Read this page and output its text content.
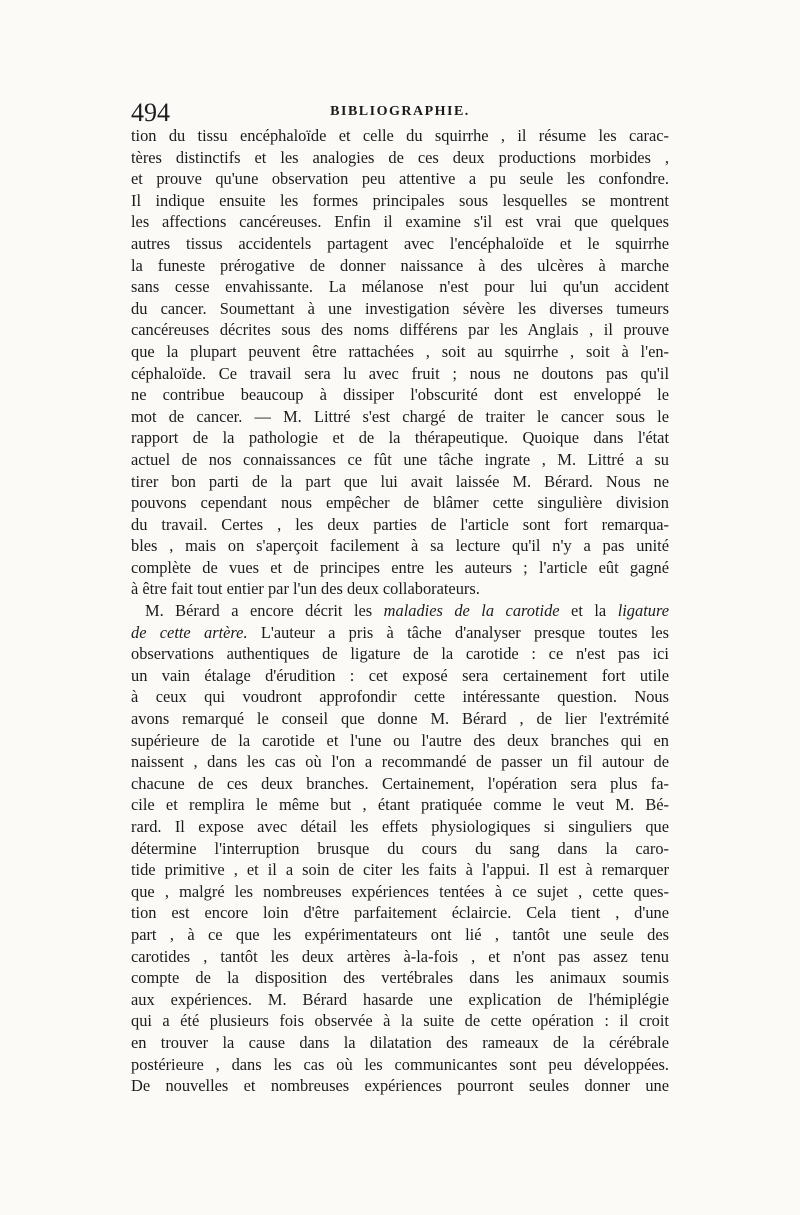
494	BIBLIOGRAPHIE.
tion du tissu encéphaloïde et celle du squirrhe , il résume les carac-
tères distinctifs et les analogies de ces deux productions morbides ,
et prouve qu'une observation peu attentive a pu seule les confondre.
Il indique ensuite les formes principales sous lesquelles se montrent
les affections cancéreuses. Enfin il examine s'il est vrai que quelques
autres tissus accidentels partagent avec l'encéphaloïde et le squirrhe
la funeste prérogative de donner naissance à des ulcères à marche
sans cesse envahissante. La mélanose n'est pour lui qu'un accident
du cancer. Soumettant à une investigation sévère les diverses tumeurs
cancéreuses décrites sous des noms différens par les Anglais , il prouve
que la plupart peuvent être rattachées , soit au squirrhe , soit à l'en-
céphaloïde. Ce travail sera lu avec fruit ; nous ne doutons pas qu'il
ne contribue beaucoup à dissiper l'obscurité dont est enveloppé le
mot de cancer. — M. Littré s'est chargé de traiter le cancer sous le
rapport de la pathologie et de la thérapeutique. Quoique dans l'état
actuel de nos connaissances ce fût une tâche ingrate , M. Littré a su
tirer bon parti de la part que lui avait laissée M. Bérard. Nous ne
pouvons cependant nous empêcher de blâmer cette singulière division
du travail. Certes , les deux parties de l'article sont fort remarqua-
bles , mais on s'aperçoit facilement à sa lecture qu'il n'y a pas unité
complète de vues et de principes entre les auteurs ; l'article eût gagné
à être fait tout entier par l'un des deux collaborateurs.
M. Bérard a encore décrit les maladies de la carotide et la ligature
de cette artère. L'auteur a pris à tâche d'analyser presque toutes les
observations authentiques de ligature de la carotide : ce n'est pas ici
un vain étalage d'érudition : cet exposé sera certainement fort utile
à ceux qui voudront approfondir cette intéressante question. Nous
avons remarqué le conseil que donne M. Bérard , de lier l'extrémité
supérieure de la carotide et l'une ou l'autre des deux branches qui en
naissent , dans les cas où l'on a recommandé de passer un fil autour de
chacune de ces deux branches. Certainement, l'opération sera plus fa-
cile et remplira le même but , étant pratiquée comme le veut M. Bé-
rard. Il expose avec détail les effets physiologiques si singuliers que
détermine l'interruption brusque du cours du sang dans la caro-
tide primitive , et il a soin de citer les faits à l'appui. Il est à remarquer
que , malgré les nombreuses expériences tentées à ce sujet , cette ques-
tion est encore loin d'être parfaitement éclaircie. Cela tient , d'une
part , à ce que les expérimentateurs ont lié , tantôt une seule des
carotides , tantôt les deux artères à-la-fois , et n'ont pas assez tenu
compte de la disposition des vertébrales dans les animaux soumis
aux expériences. M. Bérard hasarde une explication de l'hémiplégie
qui a été plusieurs fois observée à la suite de cette opération : il croit
en trouver la cause dans la dilatation des rameaux de la cérébrale
postérieure , dans les cas où les communicantes sont peu développées.
De nouvelles et nombreuses expériences pourront seules donner une
